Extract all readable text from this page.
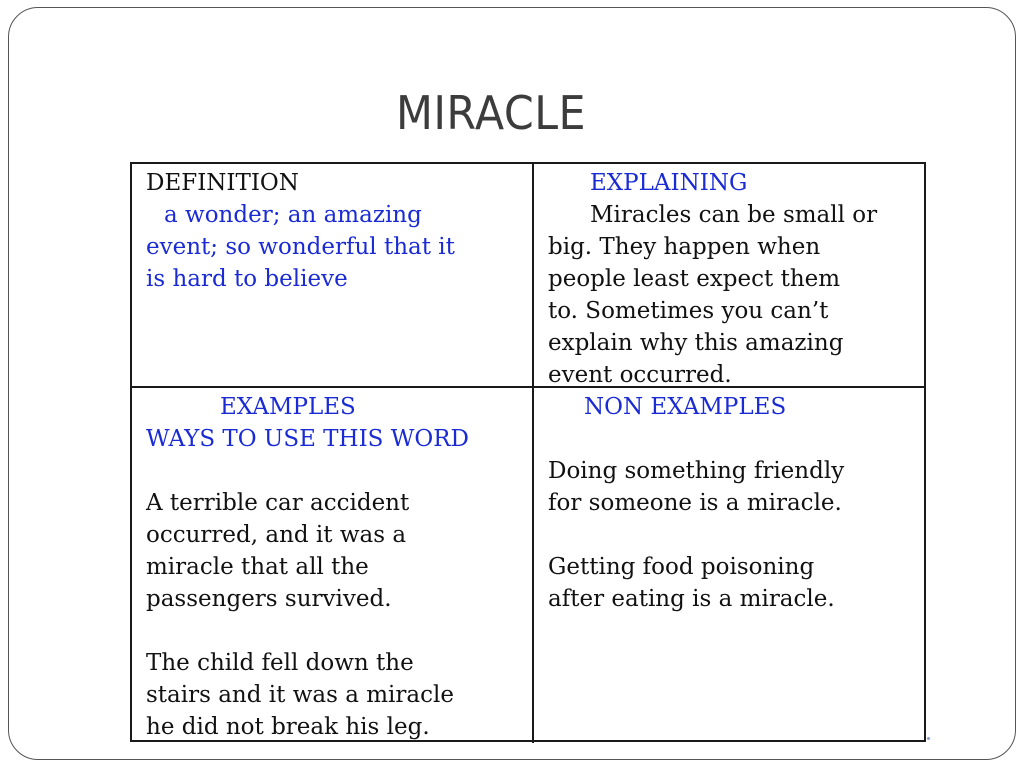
MIRACLE
DEFINITION
a wonder; an amazing
event; so wonderful that it
is hard to believe
EXPLAINING
Miracles can be small or
big. They happen when
people least expect them
to. Sometimes you can’t
explain why this amazing
event occurred.
EXAMPLES
WAYS TO USE THIS WORD
A terrible car accident
occurred, and it was a
miracle that all the
passengers survived.
The child fell down the
stairs and it was a miracle
he did not break his leg.
NON EXAMPLES
Doing something friendly
for someone is a miracle.
Getting food poisoning
after eating is a miracle.
